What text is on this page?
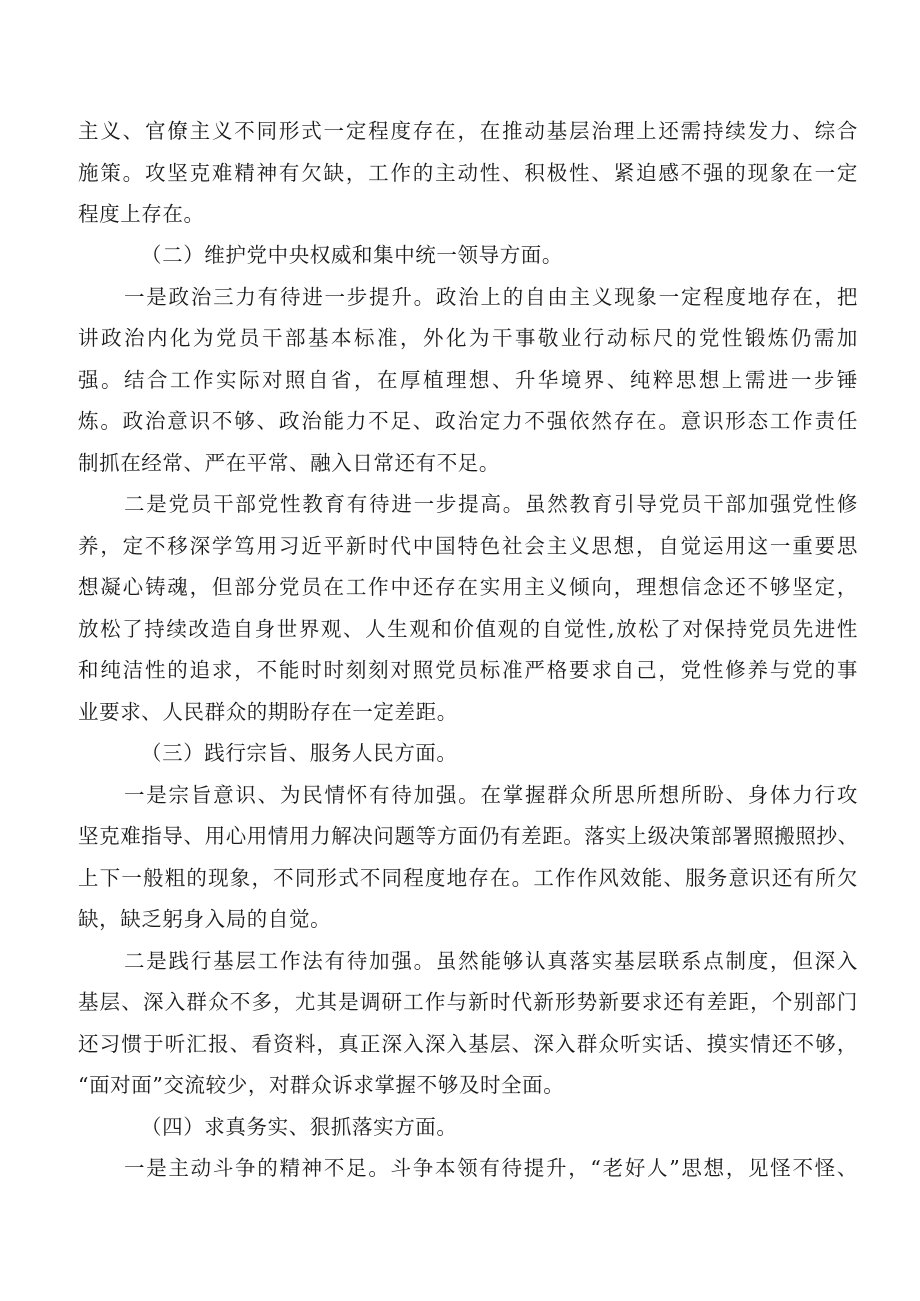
主义、官僚主义不同形式一定程度存在，在推动基层治理上还需持续发力、综合
施策。攻坚克难精神有欠缺，工作的主动性、积极性、紧迫感不强的现象在一定
程度上存在。
（二）维护党中央权威和集中统一领导方面。
一是政治三力有待进一步提升。政治上的自由主义现象一定程度地存在，把
讲政治内化为党员干部基本标准，外化为干事敬业行动标尺的党性锻炼仍需加
强。结合工作实际对照自省，在厚植理想、升华境界、纯粹思想上需进一步锤
炼。政治意识不够、政治能力不足、政治定力不强依然存在。意识形态工作责任
制抓在经常、严在平常、融入日常还有不足。
二是党员干部党性教育有待进一步提高。虽然教育引导党员干部加强党性修
养，定不移深学笃用习近平新时代中国特色社会主义思想，自觉运用这一重要思
想凝心铸魂，但部分党员在工作中还存在实用主义倾向，理想信念还不够坚定，
放松了持续改造自身世界观、人生观和价值观的自觉性,放松了对保持党员先进性
和纯洁性的追求，不能时时刻刻对照党员标准严格要求自己，党性修养与党的事
业要求、人民群众的期盼存在一定差距。
（三）践行宗旨、服务人民方面。
一是宗旨意识、为民情怀有待加强。在掌握群众所思所想所盼、身体力行攻
坚克难指导、用心用情用力解决问题等方面仍有差距。落实上级决策部署照搬照抄、
上下一般粗的现象，不同形式不同程度地存在。工作作风效能、服务意识还有所欠
缺，缺乏躬身入局的自觉。
二是践行基层工作法有待加强。虽然能够认真落实基层联系点制度，但深入
基层、深入群众不多，尤其是调研工作与新时代新形势新要求还有差距，个别部门
还习惯于听汇报、看资料，真正深入深入基层、深入群众听实话、摸实情还不够，
“面对面”交流较少，对群众诉求掌握不够及时全面。
（四）求真务实、狠抓落实方面。
一是主动斗争的精神不足。斗争本领有待提升，“老好人”思想，见怪不怪、
